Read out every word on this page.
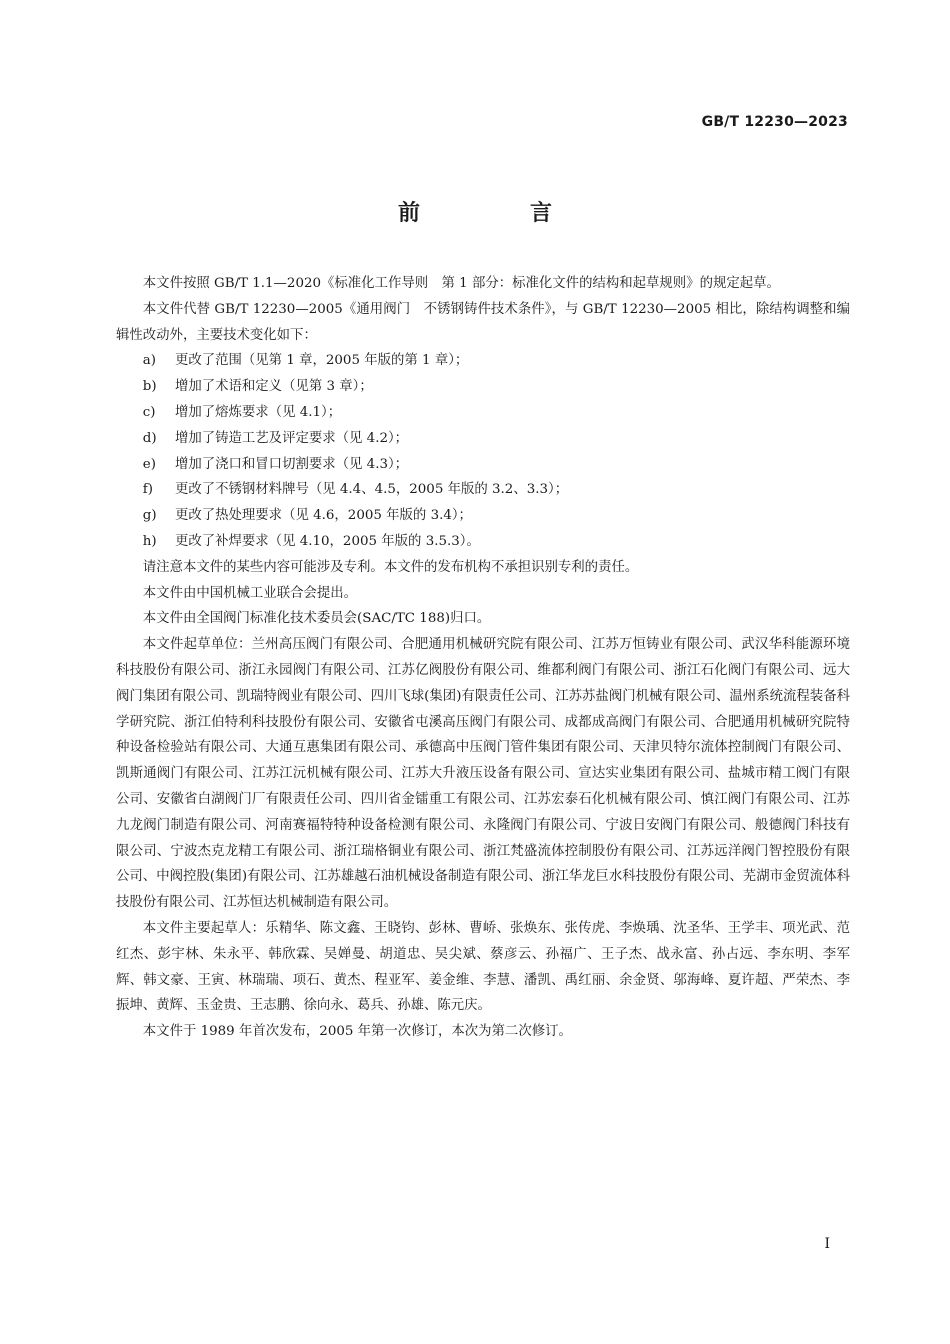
GB/T 12230—2023
前　言

本文件按照 GB/T 1.1—2020《标准化工作导则　第 1 部分：标准化文件的结构和起草规则》的规定起草。

本文件代替 GB/T 12230—2005《通用阀门　不锈钢铸件技术条件》，与 GB/T 12230—2005 相比，除结构调整和编辑性改动外，主要技术变化如下：

a) 更改了范围（见第 1 章，2005 年版的第 1 章）；
b) 增加了术语和定义（见第 3 章）；
c) 增加了熔炼要求（见 4.1）；
d) 增加了铸造工艺及评定要求（见 4.2）；
e) 增加了浇口和冒口切割要求（见 4.3）；
f) 更改了不锈钢材料牌号（见 4.4、4.5，2005 年版的 3.2、3.3）；
g) 更改了热处理要求（见 4.6，2005 年版的 3.4）；
h) 更改了补焊要求（见 4.10，2005 年版的 3.5.3）。

请注意本文件的某些内容可能涉及专利。本文件的发布机构不承担识别专利的责任。

本文件由中国机械工业联合会提出。

本文件由全国阀门标准化技术委员会(SAC/TC 188)归口。

本文件起草单位：兰州高压阀门有限公司、合肥通用机械研究院有限公司、江苏万恒铸业有限公司、武汉华科能源环境科技股份有限公司、浙江永园阀门有限公司、江苏亿阀股份有限公司、维都利阀门有限公司、浙江石化阀门有限公司、远大阀门集团有限公司、凯瑞特阀业有限公司、四川飞球(集团)有限责任公司、江苏苏盐阀门机械有限公司、温州系统流程装备科学研究院、浙江伯特利科技股份有限公司、安徽省屯溪高压阀门有限公司、成都成高阀门有限公司、合肥通用机械研究院特种设备检验站有限公司、大通互惠集团有限公司、承德高中压阀门管件集团有限公司、天津贝特尔流体控制阀门有限公司、凯斯通阀门有限公司、江苏江沅机械有限公司、江苏大升液压设备有限公司、宣达实业集团有限公司、盐城市精工阀门有限公司、安徽省白湖阀门厂有限责任公司、四川省金镭重工有限公司、江苏宏泰石化机械有限公司、慎江阀门有限公司、江苏九龙阀门制造有限公司、河南赛福特特种设备检测有限公司、永隆阀门有限公司、宁波日安阀门有限公司、般德阀门科技有限公司、宁波杰克龙精工有限公司、浙江瑞格铜业有限公司、浙江梵盛流体控制股份有限公司、江苏远洋阀门智控股份有限公司、中阀控股(集团)有限公司、江苏雄越石油机械设备制造有限公司、浙江华龙巨水科技股份有限公司、芜湖市金贸流体科技股份有限公司、江苏恒达机械制造有限公司。

本文件主要起草人：乐精华、陈文鑫、王晓钧、彭林、曹峤、张焕东、张传虎、李焕瑀、沈圣华、王学丰、项光武、范红杰、彭宇林、朱永平、韩欣霖、吴婵曼、胡道忠、吴尖斌、蔡彦云、孙福广、王子杰、战永富、孙占远、李东明、李军辉、韩文豪、王寅、林瑞瑞、项石、黄杰、程亚军、姜金维、李慧、潘凯、禹红丽、余金贤、邬海峰、夏许超、严荣杰、李振坤、黄辉、玉金贵、王志鹏、徐向永、葛兵、孙雄、陈元庆。

本文件于 1989 年首次发布，2005 年第一次修订，本次为第二次修订。

I
